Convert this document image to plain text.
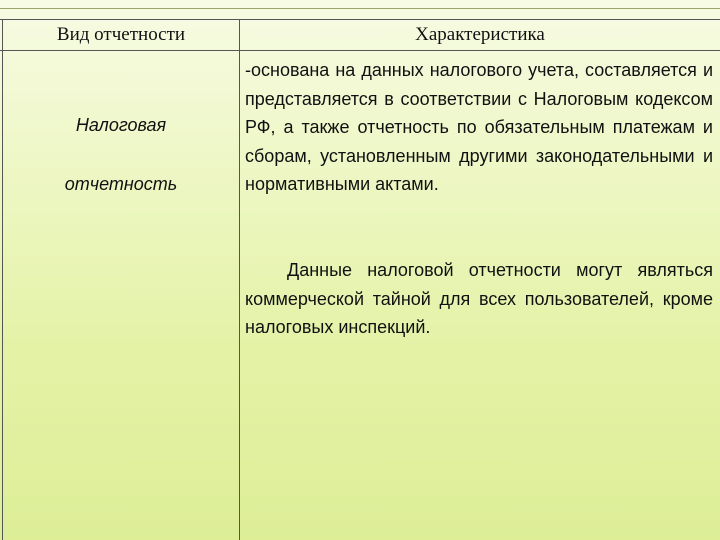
Вид отчетности	Характеристика
Налоговая
отчетность

-основана на данных налогового учета, составляется и представляется в соответствии с Налоговым кодексом РФ, а также отчетность по обязательным платежам и сборам, установленным другими законодательными и нормативными актами.

Данные налоговой отчетности могут являться коммерческой тайной для всех пользователей, кроме налоговых инспекций.
